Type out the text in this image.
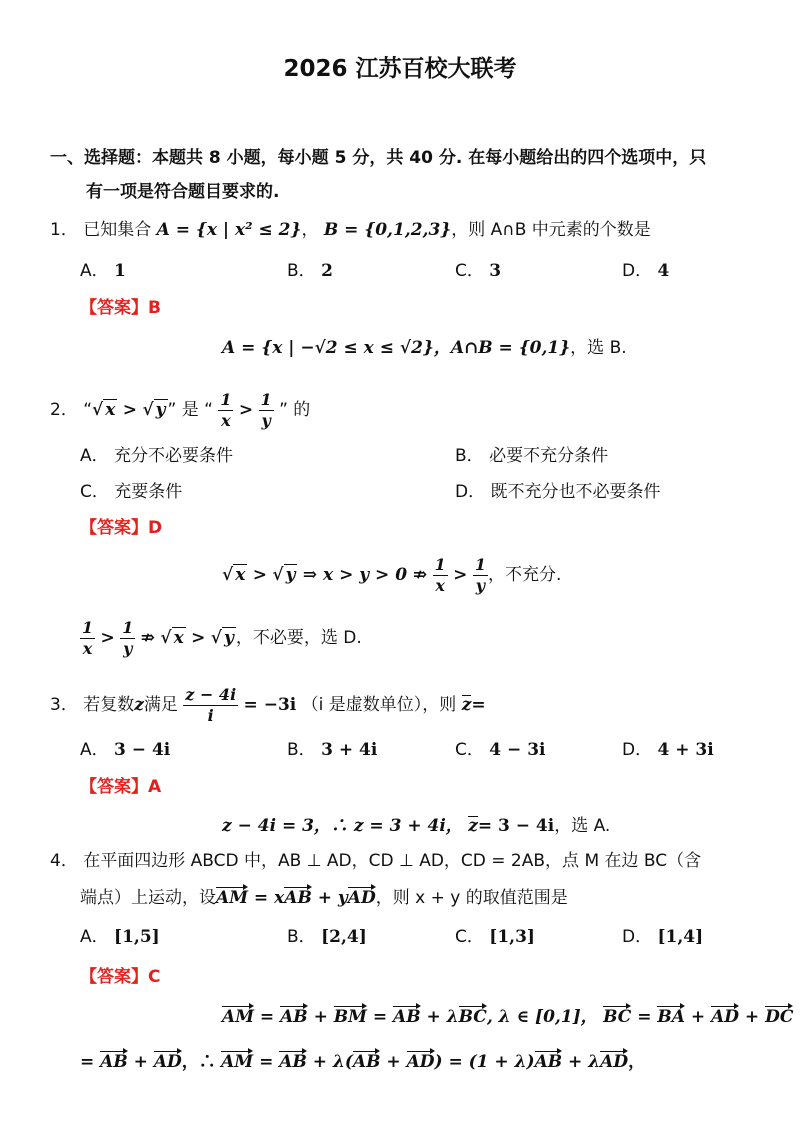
2026 江苏百校大联考
一、选择题：本题共 8 小题，每小题 5 分，共 40 分. 在每小题给出的四个选项中，只
有一项是符合题目要求的.
1． 已知集合 A = {x | x² ≤ 2}， B = {0,1,2,3}，则 A∩B 中元素的个数是
A． 1	B． 2	C． 3	D． 4
【答案】B
A = {x | −√2 ≤ x ≤ √2}，A∩B = {0,1}，选 B.
2． “√ x > √ y ” 是 “ $\frac{1}{x} > \frac{1}{y}$ ” 的
A． 充分不必要条件	B． 必要不充分条件
C． 充要条件	D． 既不充分也不必要条件
【答案】D
√ x > √ y ⇒ x > y > 0 ⇏ $\frac{1}{x} > \frac{1}{y}$ ，不充分.
$\frac{1}{x} > \frac{1}{y}$ ⇏ √ x > √ y ，不必要，选 D.
3． 若复数z满足 $\frac{z - 4i}{i} = -3i$ （i 是虚数单位），则 z=
A． 3 − 4i	B． 3 + 4i	C． 4 − 3i	D． 4 + 3i
【答案】A
z − 4i = 3，∴ z = 3 + 4i， z= 3 − 4i，选 A.
4． 在平面四边形 ABCD 中，AB ⊥ AD，CD ⊥ AD，CD = 2AB，点 M 在边 BC（含
端点）上运动，设AM = xAB + yAD，则 x + y 的取值范围是
A． [1,5]	B． [2,4]	C． [1,3]	D． [1,4]
【答案】C
AM = AB + BM = AB + λBC, λ ∈ [0,1]， BC = BA + AD + DC
= AB + AD，∴ AM = AB + λ(AB + AD) = (1 + λ)AB + λAD，
